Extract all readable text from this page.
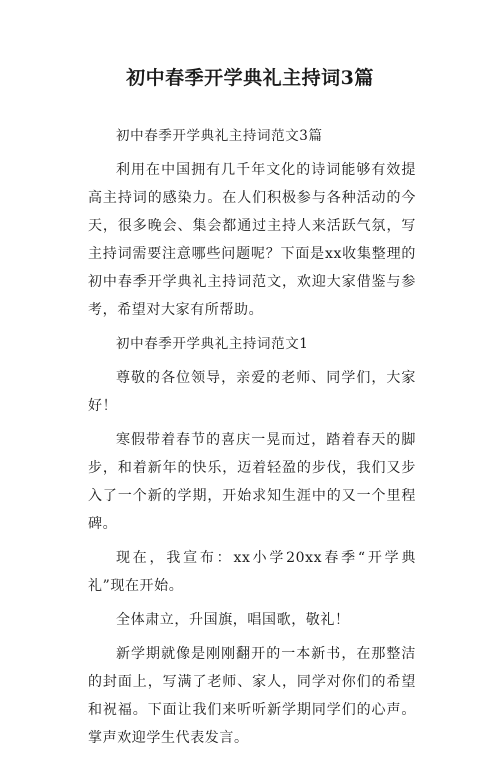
初中春季开学典礼主持词3篇

初中春季开学典礼主持词范文3篇

利用在中国拥有几千年文化的诗词能够有效提高主持词的感染力。在人们积极参与各种活动的今天，很多晚会、集会都通过主持人来活跃气氛，写主持词需要注意哪些问题呢？下面是xx收集整理的初中春季开学典礼主持词范文，欢迎大家借鉴与参考，希望对大家有所帮助。

初中春季开学典礼主持词范文1

尊敬的各位领导，亲爱的老师、同学们，大家好！

寒假带着春节的喜庆一晃而过，踏着春天的脚步，和着新年的快乐，迈着轻盈的步伐，我们又步入了一个新的学期，开始求知生涯中的又一个里程碑。

现在，我宣布：xx小学20xx春季“开学典礼”现在开始。

全体肃立，升国旗，唱国歌，敬礼！

新学期就像是刚刚翻开的一本新书，在那整洁的封面上，写满了老师、家人，同学对你们的希望和祝福。下面让我们来听听新学期同学们的心声。掌声欢迎学生代表发言。
